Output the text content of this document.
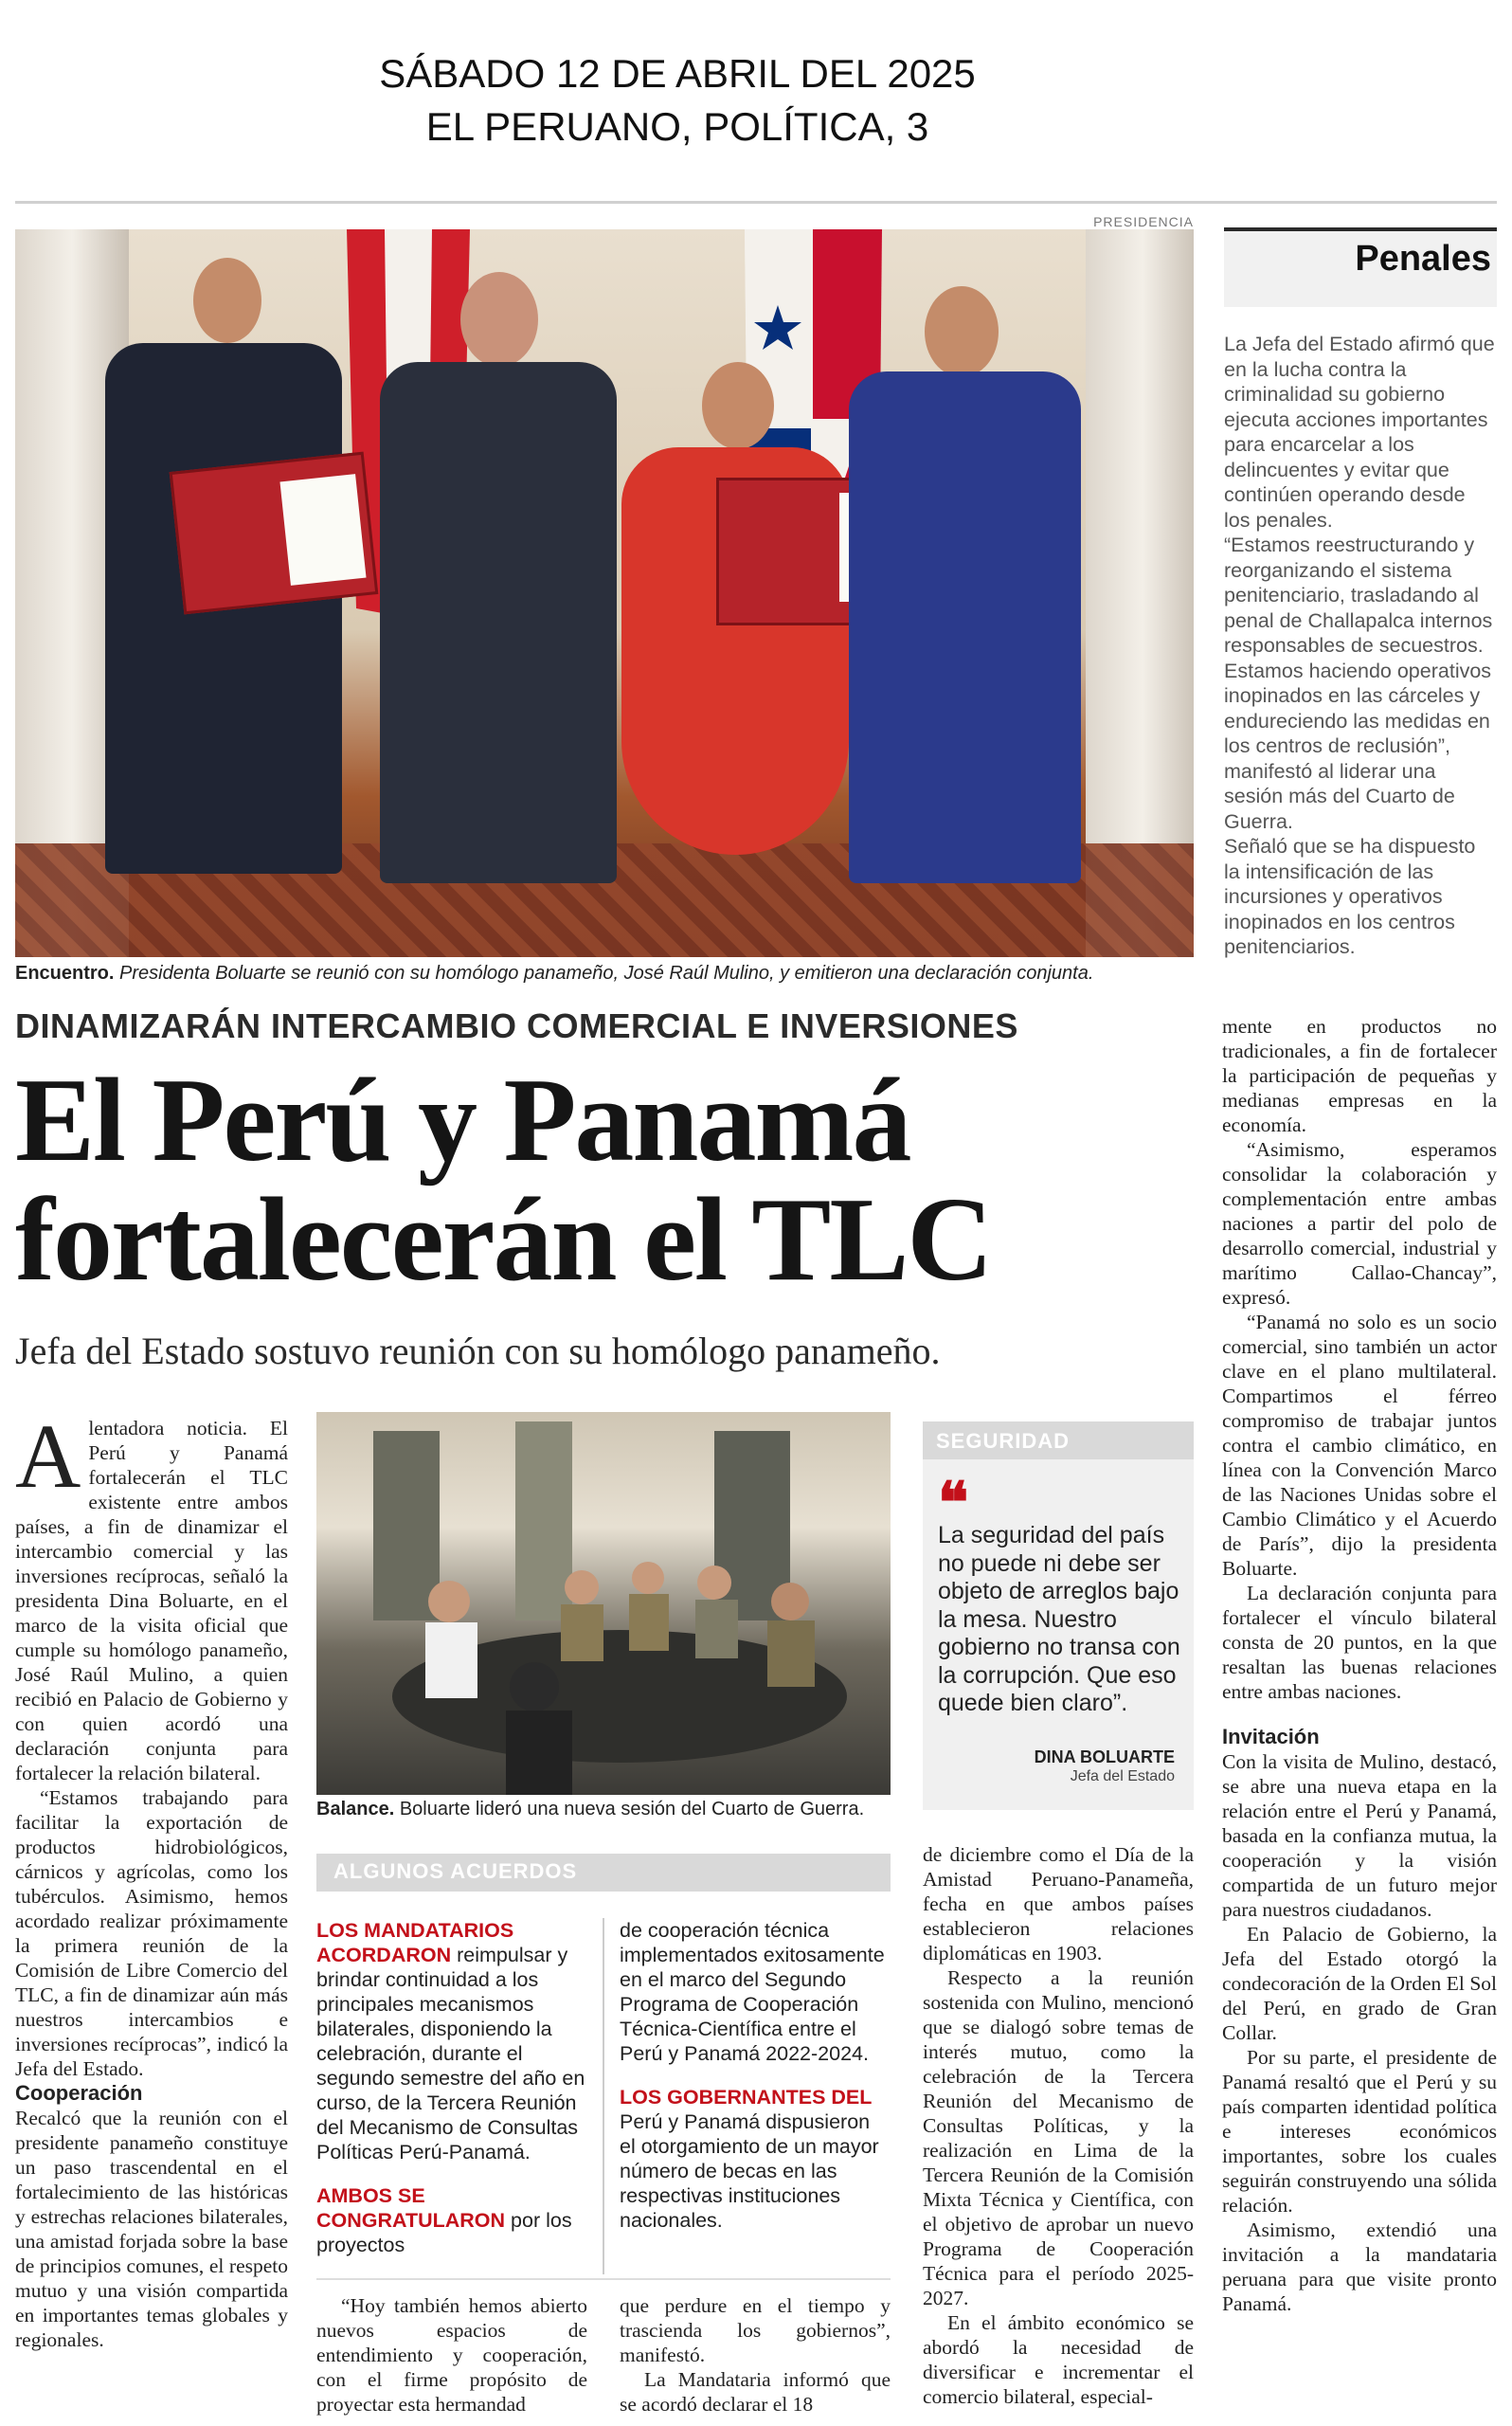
SÁBADO 12 DE ABRIL DEL 2025
EL PERUANO, POLÍTICA, 3
PRESIDENCIA
Encuentro. Presidenta Boluarte se reunió con su homólogo panameño, José Raúl Mulino, y emitieron una declaración conjunta.
Penales

La Jefa del Estado afirmó que en la lucha contra la criminalidad su gobierno ejecuta acciones importantes para encarcelar a los delincuentes y evitar que continúen operando desde los penales.

“Estamos reestructurando y reorganizando el sistema penitenciario, trasladando al penal de Challapalca internos responsables de secuestros. Estamos haciendo operativos inopinados en las cárceles y endureciendo las medidas en los centros de reclusión”, manifestó al liderar una sesión más del Cuarto de Guerra.

Señaló que se ha dispuesto la intensificación de las incursiones y operativos inopinados en los centros penitenciarios.

DINAMIZARÁN INTERCAMBIO COMERCIAL E INVERSIONES
El Perú y Panamá
fortalecerán el TLC
Jefa del Estado sostuvo reunión con su homólogo panameño.

Alentadora noticia. El Perú y Panamá fortalecerán el TLC existente entre ambos países, a fin de dinamizar el intercambio comercial y las inversiones recíprocas, señaló la presidenta Dina Boluarte, en el marco de la visita oficial que cumple su homólogo panameño, José Raúl Mulino, a quien recibió en Palacio de Gobierno y con quien acordó una declaración conjunta para fortalecer la relación bilateral.

“Estamos trabajando para facilitar la exportación de productos hidrobiológicos, cárnicos y agrícolas, como los tubérculos. Asimismo, hemos acordado realizar próximamente la primera reunión de la Comisión de Libre Comercio del TLC, a fin de dinamizar aún más nuestros intercambios e inversiones recíprocas”, indicó la Jefa del Estado.

Cooperación

Recalcó que la reunión con el presidente panameño constituye un paso trascendental en el fortalecimiento de las históricas y estrechas relaciones bilaterales, una amistad forjada sobre la base de principios comunes, el respeto mutuo y una visión compartida en importantes temas globales y regionales.

Balance. Boluarte lideró una nueva sesión del Cuarto de Guerra.
SEGURIDAD
❝
La seguridad del país no puede ni debe ser objeto de arreglos bajo la mesa. Nuestro gobierno no transa con la corrupción. Que eso quede bien claro”.
DINA BOLUARTE
Jefa del Estado
ALGUNOS ACUERDOS

LOS MANDATARIOS ACORDARON reimpulsar y brindar continuidad a los principales mecanismos bilaterales, disponiendo la celebración, durante el segundo semestre del año en curso, de la Tercera Reunión del Mecanismo de Consultas Políticas Perú-Panamá.

AMBOS SE CONGRATULARON por los proyectos

de cooperación técnica implementados exitosamente en el marco del Segundo Programa de Cooperación Técnica-Científica entre el Perú y Panamá 2022-2024.

LOS GOBERNANTES DEL Perú y Panamá dispusieron el otorgamiento de un mayor número de becas en las respectivas instituciones nacionales.

“Hoy también hemos abierto nuevos espacios de entendimiento y cooperación, con el firme propósito de proyectar esta hermandad

que perdure en el tiempo y trascienda los gobiernos”, manifestó.

La Mandataria informó que se acordó declarar el 18

de diciembre como el Día de la Amistad Peruano-Panameña, fecha en que ambos países establecieron relaciones diplomáticas en 1903.

Respecto a la reunión sostenida con Mulino, mencionó que se dialogó sobre temas de interés mutuo, como la celebración de la Tercera Reunión del Mecanismo de Consultas Políticas, y la realización en Lima de la Tercera Reunión de la Comisión Mixta Técnica y Científica, con el objetivo de aprobar un nuevo Programa de Cooperación Técnica para el período 2025-2027.

En el ámbito económico se abordó la necesidad de diversificar e incrementar el comercio bilateral, especial-

mente en productos no tradicionales, a fin de fortalecer la participación de pequeñas y medianas empresas en la economía.

“Asimismo, esperamos consolidar la colaboración y complementación entre ambas naciones a partir del polo de desarrollo comercial, industrial y marítimo Callao-Chancay”, expresó.

“Panamá no solo es un socio comercial, sino también un actor clave en el plano multilateral. Compartimos el férreo compromiso de trabajar juntos contra el cambio climático, en línea con la Convención Marco de las Naciones Unidas sobre el Cambio Climático y el Acuerdo de París”, dijo la presidenta Boluarte.

La declaración conjunta para fortalecer el vínculo bilateral consta de 20 puntos, en la que resaltan las buenas relaciones entre ambas naciones.

Invitación

Con la visita de Mulino, destacó, se abre una nueva etapa en la relación entre el Perú y Panamá, basada en la confianza mutua, la cooperación y la visión compartida de un futuro mejor para nuestros ciudadanos.

En Palacio de Gobierno, la Jefa del Estado otorgó la condecoración de la Orden El Sol del Perú, en grado de Gran Collar.

Por su parte, el presidente de Panamá resaltó que el Perú y su país comparten identidad política e intereses económicos importantes, sobre los cuales seguirán construyendo una sólida relación.

Asimismo, extendió una invitación a la mandataria peruana para que visite pronto Panamá.
